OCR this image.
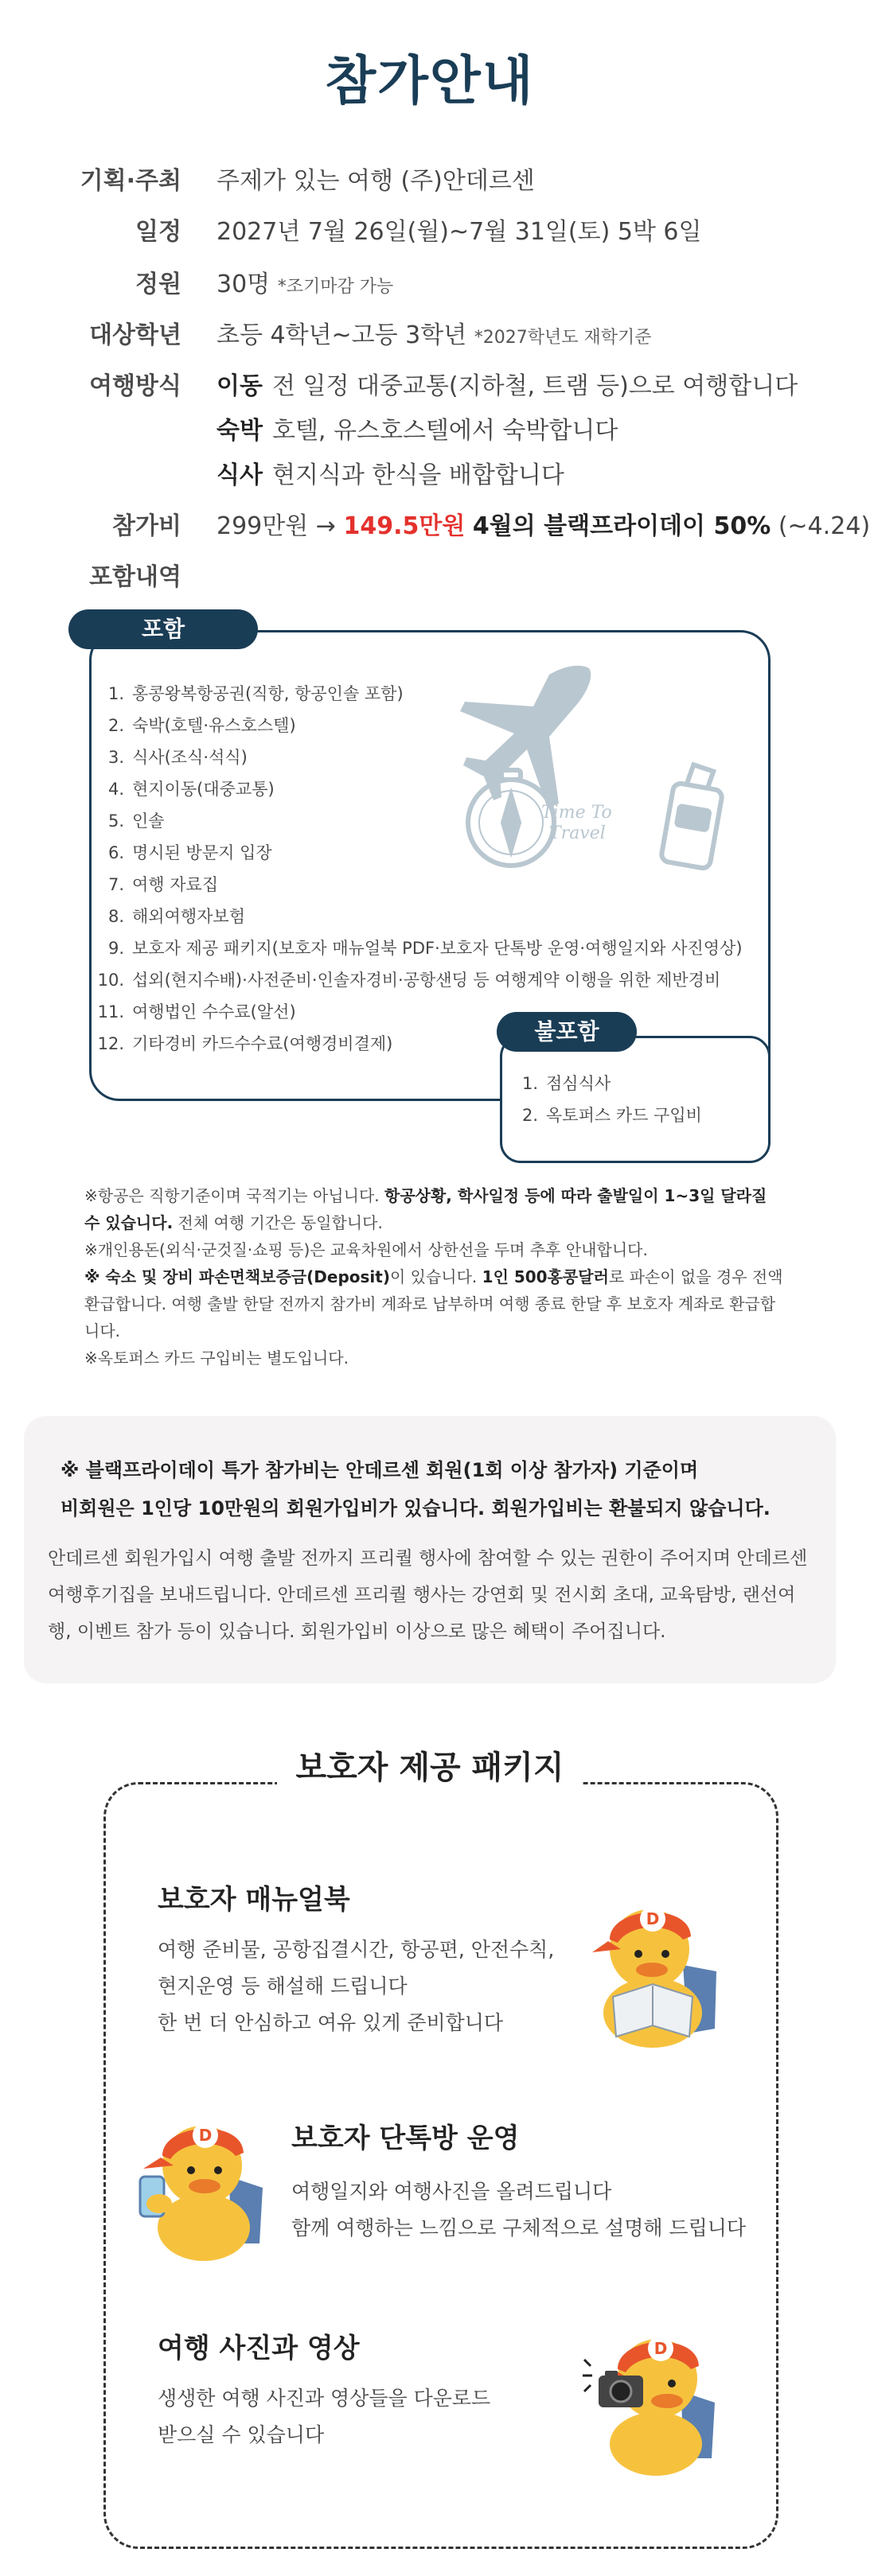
참가안내
기획·주최 주제가 있는 여행 (주)안데르센
일정 2027년 7월 26일(월)~7월 31일(토) 5박 6일
정원 30명 *조기마감 가능
대상학년 초등 4학년~고등 3학년 *2027학년도 재학기준
여행방식 이동 전 일정 대중교통(지하철, 트램 등)으로 여행합니다
숙박 호텔, 유스호스텔에서 숙박합니다
식사 현지식과 한식을 배합합니다
참가비 299만원 → 149.5만원 4월의 블랙프라이데이 50% (~4.24)
포함내역
포함
1. 홍콩왕복항공권(직항, 항공인솔 포함)
2. 숙박(호텔·유스호스텔)
3. 식사(조식·석식)
4. 현지이동(대중교통)
5. 인솔
6. 명시된 방문지 입장
7. 여행 자료집
8. 해외여행자보험
9. 보호자 제공 패키지(보호자 매뉴얼북 PDF·보호자 단톡방 운영·여행일지와 사진영상)
10. 섭외(현지수배)·사전준비·인솔자경비·공항샌딩 등 여행계약 이행을 위한 제반경비
11. 여행법인 수수료(알선)
12. 기타경비 카드수수료(여행경비결제)
Time To
Travel
불포함
1. 점심식사
2. 옥토퍼스 카드 구입비

※항공은 직항기준이며 국적기는 아닙니다. 항공상황, 학사일정 등에 따라 출발일이 1~3일 달라질 수 있습니다. 전체 여행 기간은 동일합니다.

※개인용돈(외식·군것질·쇼핑 등)은 교육차원에서 상한선을 두며 추후 안내합니다.

※ 숙소 및 장비 파손면책보증금(Deposit)이 있습니다. 1인 500홍콩달러로 파손이 없을 경우 전액 환급합니다. 여행 출발 한달 전까지 참가비 계좌로 납부하며 여행 종료 한달 후 보호자 계좌로 환급합니다.

※옥토퍼스 카드 구입비는 별도입니다.

※ 블랙프라이데이 특가 참가비는 안데르센 회원(1회 이상 참가자) 기준이며
비회원은 1인당 10만원의 회원가입비가 있습니다. 회원가입비는 환불되지 않습니다.
안데르센 회원가입시 여행 출발 전까지 프리퀄 행사에 참여할 수 있는 권한이 주어지며 안데르센 여행후기집을 보내드립니다. 안데르센 프리퀄 행사는 강연회 및 전시회 초대, 교육탐방, 랜선여행, 이벤트 참가 등이 있습니다. 회원가입비 이상으로 많은 혜택이 주어집니다.
보호자 제공 패키지
보호자 매뉴얼북
여행 준비물, 공항집결시간, 항공편, 안전수칙,
현지운영 등 해설해 드립니다
한 번 더 안심하고 여유 있게 준비합니다
보호자 단톡방 운영
여행일지와 여행사진을 올려드립니다
함께 여행하는 느낌으로 구체적으로 설명해 드립니다
여행 사진과 영상
생생한 여행 사진과 영상들을 다운로드
받으실 수 있습니다
D
D
D
